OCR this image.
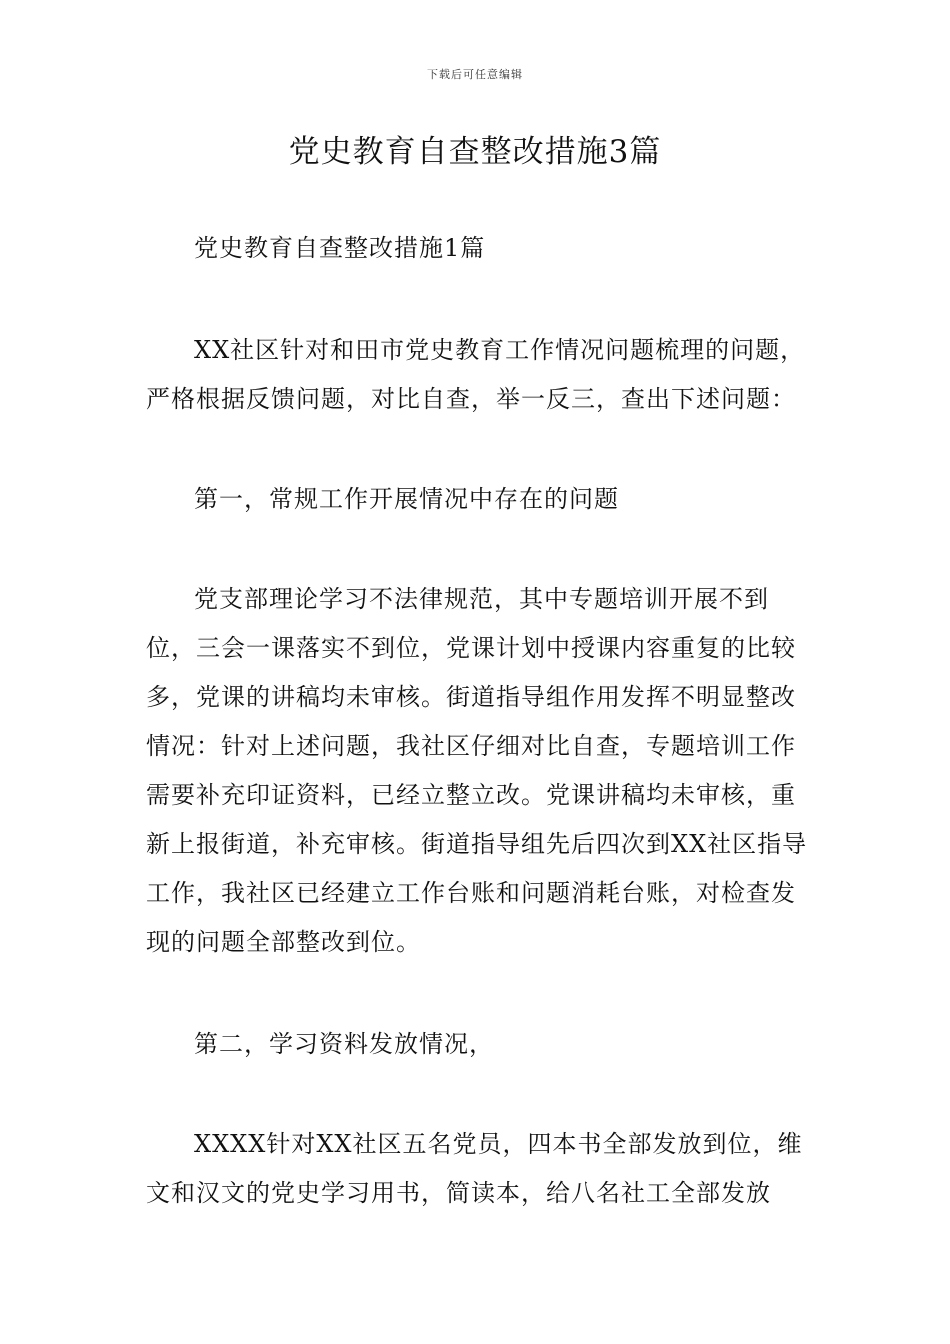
下载后可任意编辑
党史教育自查整改措施3篇

党史教育自查整改措施1篇

XX社区针对和田市党史教育工作情况问题梳理的问题，严格根据反馈问题，对比自查，举一反三，查出下述问题：

第一，常规工作开展情况中存在的问题

党支部理论学习不法律规范，其中专题培训开展不到位，三会一课落实不到位，党课计划中授课内容重复的比较多，党课的讲稿均未审核。街道指导组作用发挥不明显整改情况：针对上述问题，我社区仔细对比自查，专题培训工作需要补充印证资料，已经立整立改。党课讲稿均未审核，重新上报街道，补充审核。街道指导组先后四次到XX社区指导工作，我社区已经建立工作台账和问题消耗台账，对检查发现的问题全部整改到位。

第二，学习资料发放情况，

XXXX针对XX社区五名党员，四本书全部发放到位，维文和汉文的党史学习用书，简读本，给八名社工全部发放
